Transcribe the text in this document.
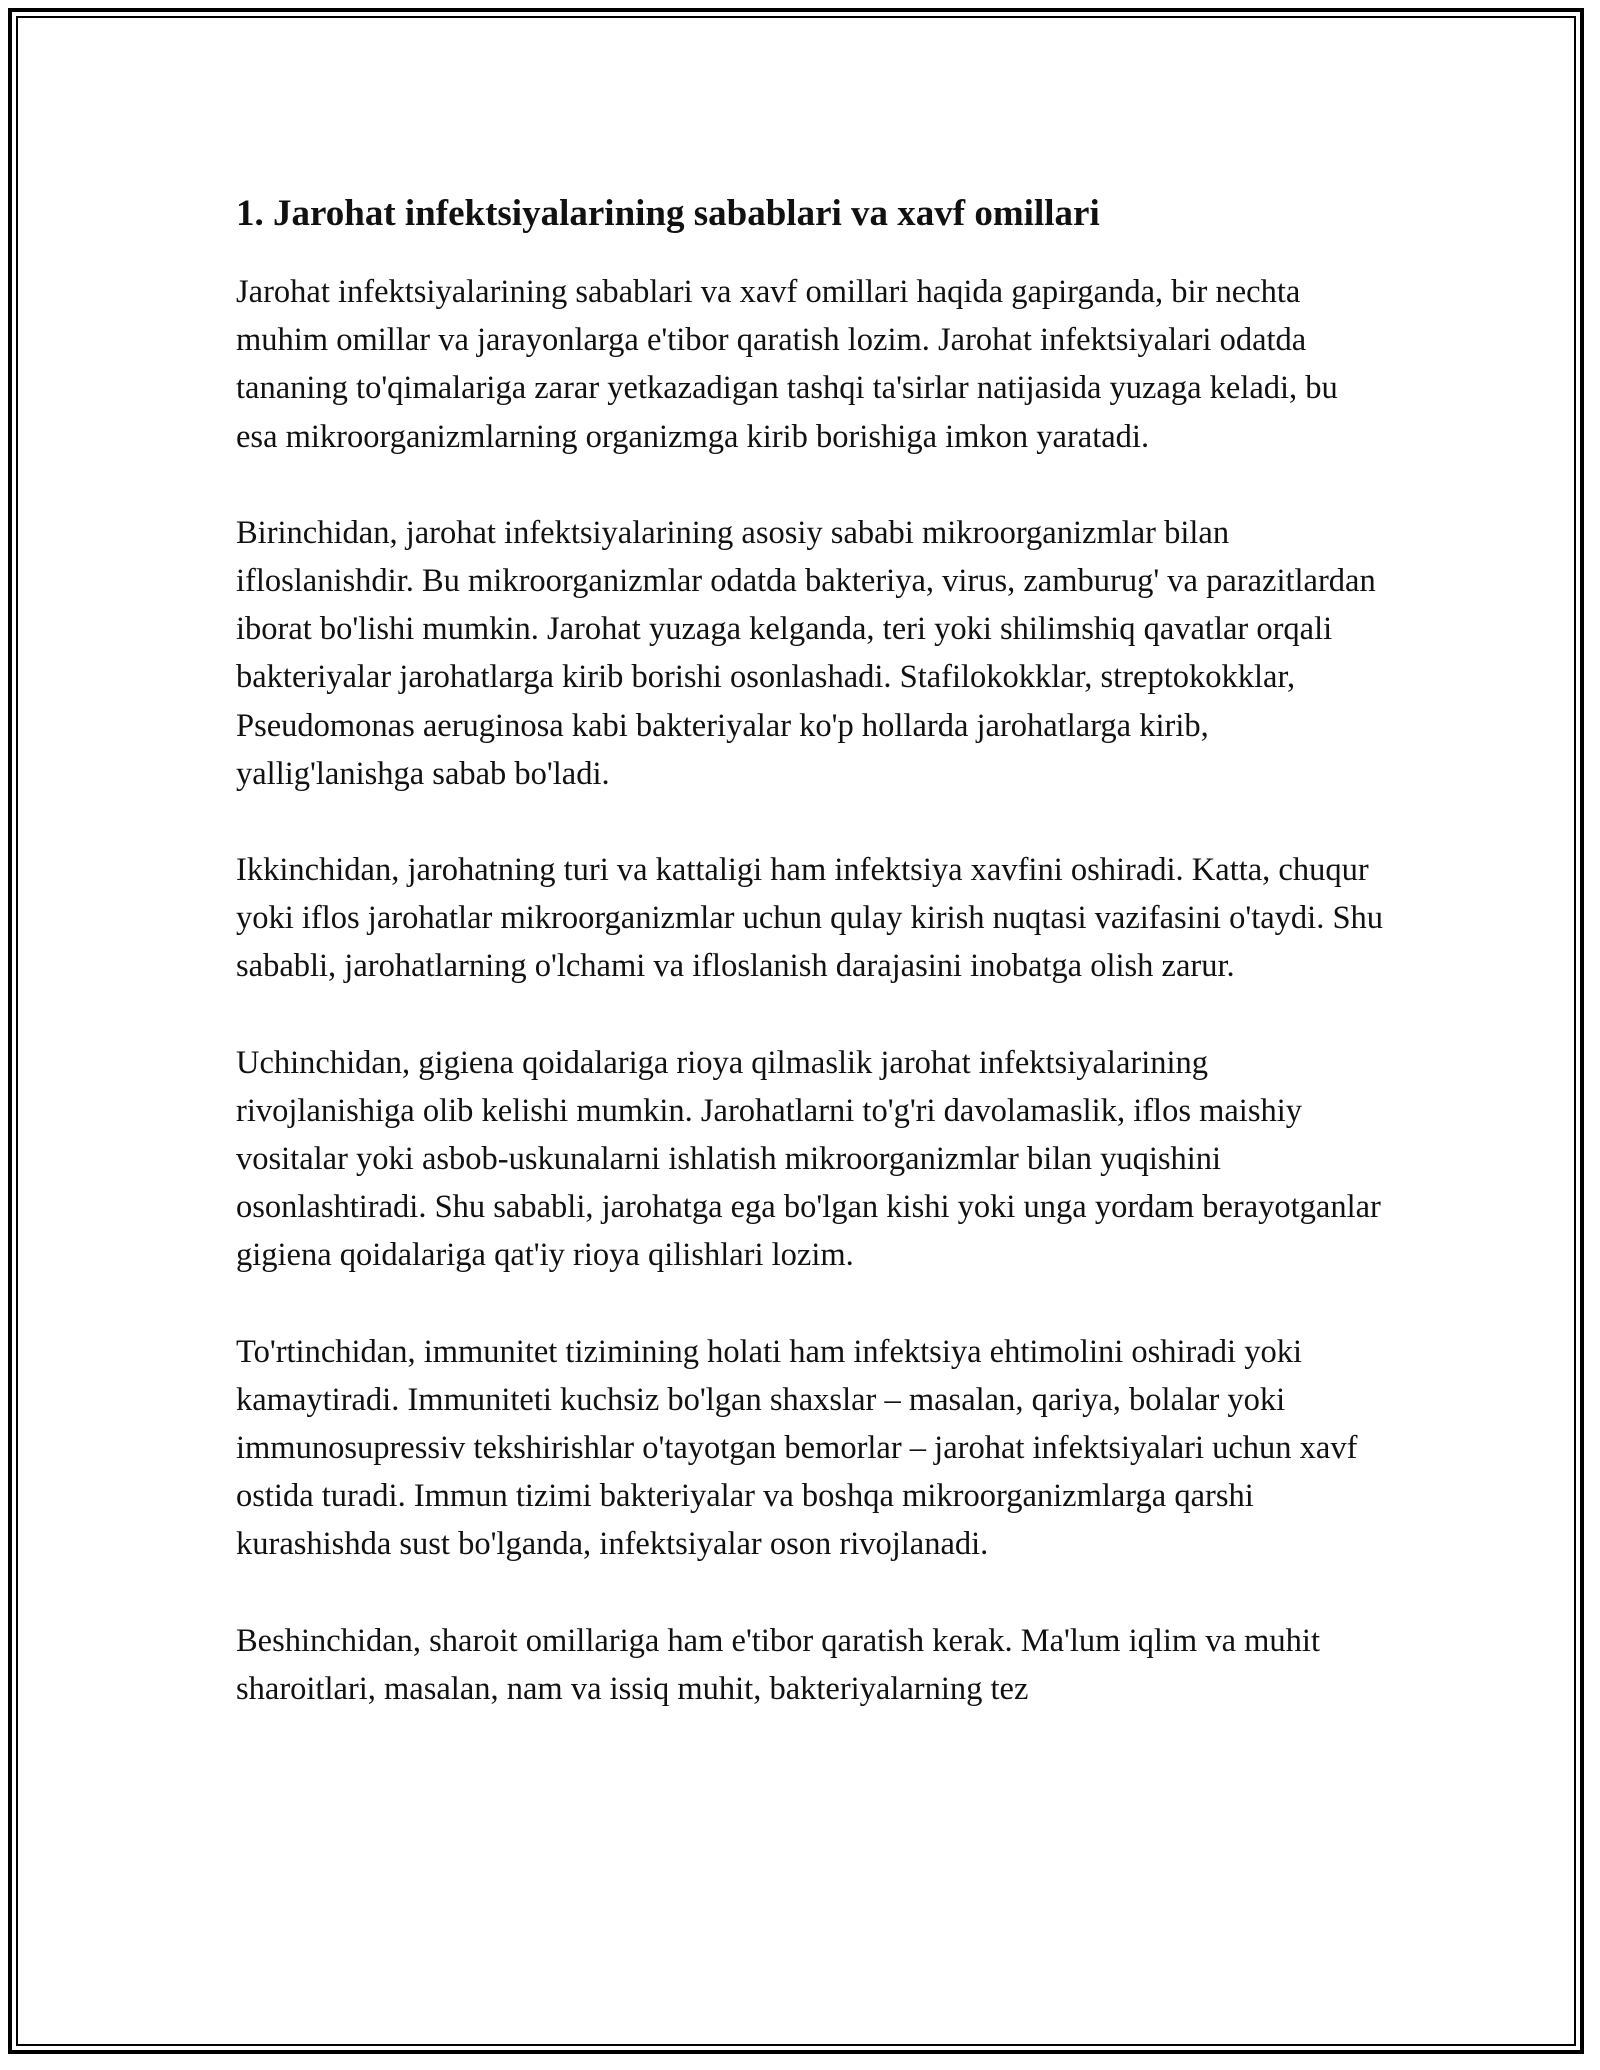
1. Jarohat infektsiyalarining sabablari va xavf omillari

Jarohat infektsiyalarining sabablari va xavf omillari haqida gapirganda, bir nechta muhim omillar va jarayonlarga e'tibor qaratish lozim. Jarohat infektsiyalari odatda tananing to'qimalariga zarar yetkazadigan tashqi ta'sirlar natijasida yuzaga keladi, bu esa mikroorganizmlarning organizmga kirib borishiga imkon yaratadi.

Birinchidan, jarohat infektsiyalarining asosiy sababi mikroorganizmlar bilan ifloslanishdir. Bu mikroorganizmlar odatda bakteriya, virus, zamburug' va parazitlardan iborat bo'lishi mumkin. Jarohat yuzaga kelganda, teri yoki shilimshiq qavatlar orqali bakteriyalar jarohatlarga kirib borishi osonlashadi. Stafilokokklar, streptokokklar, Pseudomonas aeruginosa kabi bakteriyalar ko'p hollarda jarohatlarga kirib, yallig'lanishga sabab bo'ladi.

Ikkinchidan, jarohatning turi va kattaligi ham infektsiya xavfini oshiradi. Katta, chuqur yoki iflos jarohatlar mikroorganizmlar uchun qulay kirish nuqtasi vazifasini o'taydi. Shu sababli, jarohatlarning o'lchami va ifloslanish darajasini inobatga olish zarur.

Uchinchidan, gigiena qoidalariga rioya qilmaslik jarohat infektsiyalarining rivojlanishiga olib kelishi mumkin. Jarohatlarni to'g'ri davolamaslik, iflos maishiy vositalar yoki asbob-uskunalarni ishlatish mikroorganizmlar bilan yuqishini osonlashtiradi. Shu sababli, jarohatga ega bo'lgan kishi yoki unga yordam berayotganlar gigiena qoidalariga qat'iy rioya qilishlari lozim.

To'rtinchidan, immunitet tizimining holati ham infektsiya ehtimolini oshiradi yoki kamaytiradi. Immuniteti kuchsiz bo'lgan shaxslar – masalan, qariya, bolalar yoki immunosupressiv tekshirishlar o'tayotgan bemorlar – jarohat infektsiyalari uchun xavf ostida turadi. Immun tizimi bakteriyalar va boshqa mikroorganizmlarga qarshi kurashishda sust bo'lganda, infektsiyalar oson rivojlanadi.

Beshinchidan, sharoit omillariga ham e'tibor qaratish kerak. Ma'lum iqlim va muhit sharoitlari, masalan, nam va issiq muhit, bakteriyalarning tez
